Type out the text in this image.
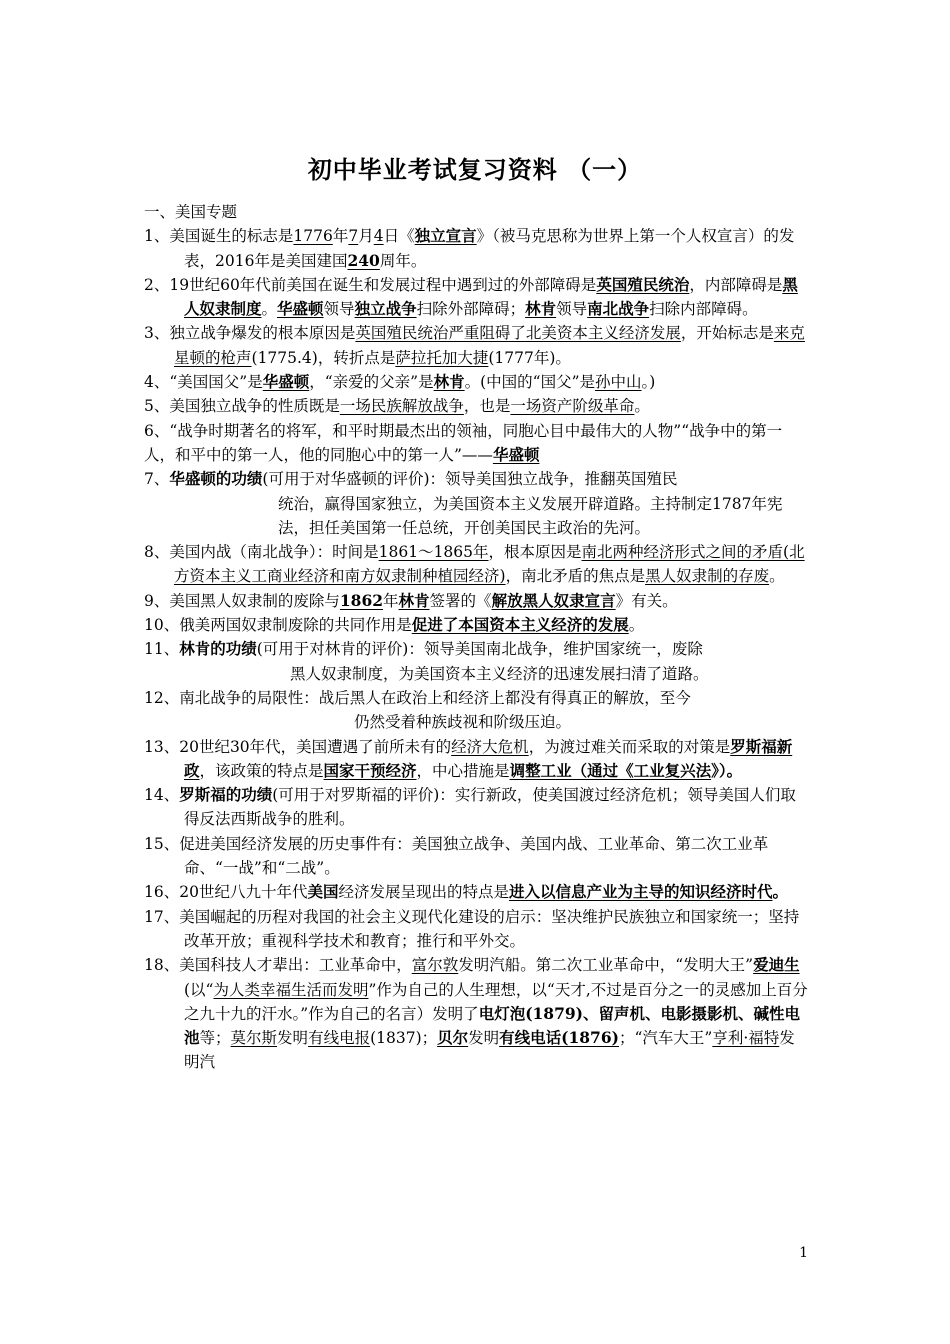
初中毕业考试复习资料 （一）

一、美国专题

1、美国诞生的标志是1776年7月4日《独立宣言》（被马克思称为世界上第一个人权宣言）的发表，2016年是美国建国240周年。

2、19世纪60年代前美国在诞生和发展过程中遇到过的外部障碍是英国殖民统治，内部障碍是黑人奴隶制度。华盛顿领导独立战争扫除外部障碍；林肯领导南北战争扫除内部障碍。

3、独立战争爆发的根本原因是英国殖民统治严重阻碍了北美资本主义经济发展，开始标志是来克星顿的枪声(1775.4)，转折点是萨拉托加大捷(1777年)。

4、“美国国父”是华盛顿，“亲爱的父亲”是林肯。(中国的“国父”是孙中山。)

5、美国独立战争的性质既是一场民族解放战争，也是一场资产阶级革命。

6、“战争时期著名的将军，和平时期最杰出的领袖，同胞心目中最伟大的人物”“战争中的第一人，和平中的第一人，他的同胞心中的第一人”——华盛顿

7、华盛顿的功绩(可用于对华盛顿的评价)：领导美国独立战争，推翻英国殖民

统治，赢得国家独立，为美国资本主义发展开辟道路。主持制定1787年宪法，担任美国第一任总统，开创美国民主政治的先河。

8、美国内战（南北战争）：时间是1861～1865年，根本原因是南北两种经济形式之间的矛盾(北方资本主义工商业经济和南方奴隶制种植园经济)，南北矛盾的焦点是黑人奴隶制的存废。

9、美国黑人奴隶制的废除与1862年林肯签署的《解放黑人奴隶宣言》有关。

10、俄美两国奴隶制废除的共同作用是促进了本国资本主义经济的发展。

11、林肯的功绩(可用于对林肯的评价)：领导美国南北战争，维护国家统一，废除

黑人奴隶制度，为美国资本主义经济的迅速发展扫清了道路。

12、南北战争的局限性：战后黑人在政治上和经济上都没有得真正的解放，至今

仍然受着种族歧视和阶级压迫。

13、20世纪30年代，美国遭遇了前所未有的经济大危机，为渡过难关而采取的对策是罗斯福新政，该政策的特点是国家干预经济，中心措施是调整工业（通过《工业复兴法》）。

14、罗斯福的功绩(可用于对罗斯福的评价)：实行新政，使美国渡过经济危机；领导美国人们取得反法西斯战争的胜利。

15、促进美国经济发展的历史事件有：美国独立战争、美国内战、工业革命、第二次工业革命、“一战”和“二战”。

16、20世纪八九十年代美国经济发展呈现出的特点是进入以信息产业为主导的知识经济时代。

17、美国崛起的历程对我国的社会主义现代化建设的启示：坚决维护民族独立和国家统一；坚持改革开放；重视科学技术和教育；推行和平外交。

18、美国科技人才辈出：工业革命中，富尔敦发明汽船。第二次工业革命中，“发明大王”爱迪生(以“为人类幸福生活而发明”作为自己的人生理想，以“天才,不过是百分之一的灵感加上百分之九十九的汗水。”作为自己的名言）发明了电灯泡(1879)、留声机、电影摄影机、碱性电池等；莫尔斯发明有线电报(1837)；贝尔发明有线电话(1876)；“汽车大王”亨利·福特发明汽

1
